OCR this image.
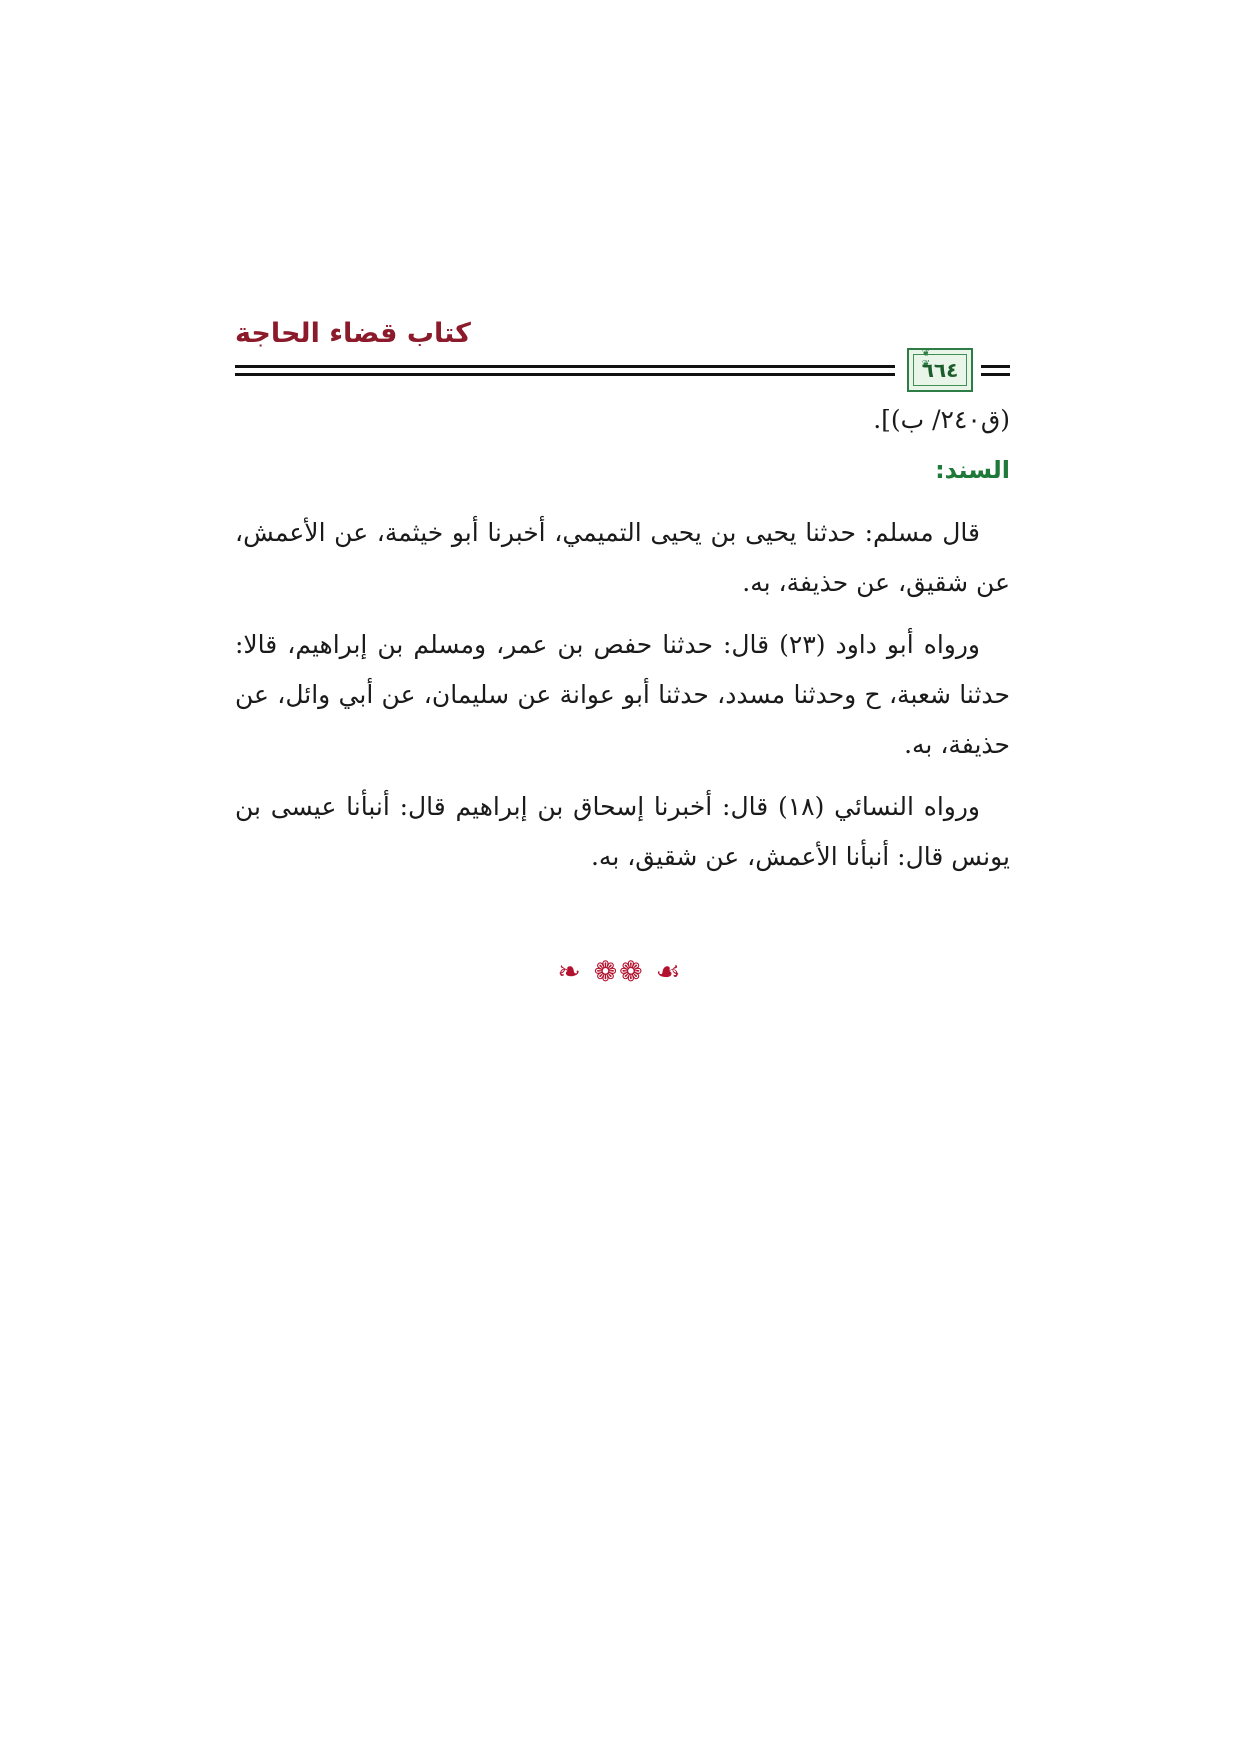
كتاب قضاء الحاجة
٦٦٤
❦ ❦

(ق٢٤٠/ ب)].

السند:

قال مسلم: حدثنا يحيى بن يحيى التميمي، أخبرنا أبو خيثمة، عن الأعمش، عن شقيق، عن حذيفة، به.

ورواه أبو داود (٢٣) قال: حدثنا حفص بن عمر، ومسلم بن إبراهيم، قالا: حدثنا شعبة، ح وحدثنا مسدد، حدثنا أبو عوانة عن سليمان، عن أبي وائل، عن حذيفة، به.

ورواه النسائي (١٨) قال: أخبرنا إسحاق بن إبراهيم قال: أنبأنا عيسى بن يونس قال: أنبأنا الأعمش، عن شقيق، به.

❧ ❁❁ ☙
